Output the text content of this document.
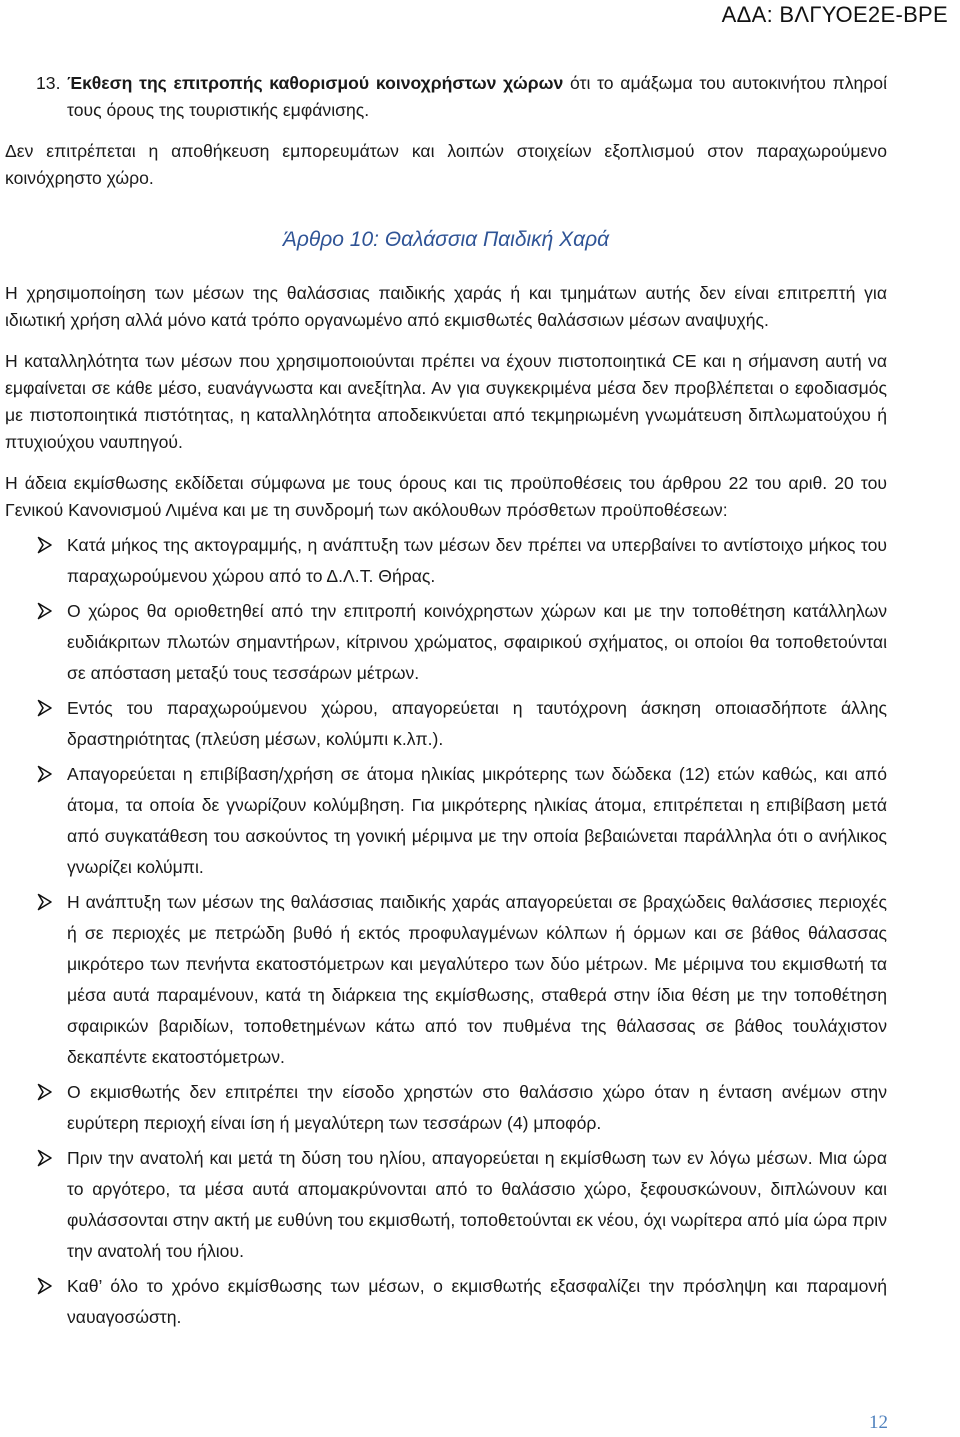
ΑΔΑ: ΒΛΓΥΟΕ2Ε-ΒΡΕ

13. Έκθεση της επιτροπής καθορισμού κοινοχρήστων χώρων ότι το αμάξωμα του αυτοκινήτου πληροί τους όρους της τουριστικής εμφάνισης.

Δεν επιτρέπεται η αποθήκευση εμπορευμάτων και λοιπών στοιχείων εξοπλισμού στον παραχωρούμενο κοινόχρηστο χώρο.

Άρθρο 10: Θαλάσσια Παιδική Χαρά

Η χρησιμοποίηση των μέσων της θαλάσσιας παιδικής χαράς ή και τμημάτων αυτής δεν είναι επιτρεπτή για ιδιωτική χρήση αλλά μόνο κατά τρόπο οργανωμένο από εκμισθωτές θαλάσσιων μέσων αναψυχής.

Η καταλληλότητα των μέσων που χρησιμοποιούνται πρέπει να έχουν πιστοποιητικά CE και η σήμανση αυτή να εμφαίνεται σε κάθε μέσο, ευανάγνωστα και ανεξίτηλα. Αν για συγκεκριμένα μέσα δεν προβλέπεται ο εφοδιασμός με πιστοποιητικά πιστότητας, η καταλληλότητα αποδεικνύεται από τεκμηριωμένη γνωμάτευση διπλωματούχου ή πτυχιούχου ναυπηγού.

Η άδεια εκμίσθωσης εκδίδεται σύμφωνα με τους όρους και τις προϋποθέσεις του άρθρου 22 του αριθ. 20 του Γενικού Κανονισμού Λιμένα και με τη συνδρομή των ακόλουθων πρόσθετων προϋποθέσεων:

Κατά μήκος της ακτογραμμής, η ανάπτυξη των μέσων δεν πρέπει να υπερβαίνει το αντίστοιχο μήκος του παραχωρούμενου χώρου από το Δ.Λ.Τ. Θήρας.
Ο χώρος θα οριοθετηθεί από την επιτροπή κοινόχρηστων χώρων και με την τοποθέτηση κατάλληλων ευδιάκριτων πλωτών σημαντήρων, κίτρινου χρώματος, σφαιρικού σχήματος, οι οποίοι θα τοποθετούνται σε απόσταση μεταξύ τους τεσσάρων μέτρων.
Εντός του παραχωρούμενου χώρου, απαγορεύεται η ταυτόχρονη άσκηση οποιασδήποτε άλλης δραστηριότητας (πλεύση μέσων, κολύμπι κ.λπ.).
Απαγορεύεται η επιβίβαση/χρήση σε άτομα ηλικίας μικρότερης των δώδεκα (12) ετών καθώς, και από άτομα, τα οποία δε γνωρίζουν κολύμβηση. Για μικρότερης ηλικίας άτομα, επιτρέπεται η επιβίβαση μετά από συγκατάθεση του ασκούντος τη γονική μέριμνα με την οποία βεβαιώνεται παράλληλα ότι ο ανήλικος γνωρίζει κολύμπι.
Η ανάπτυξη των μέσων της θαλάσσιας παιδικής χαράς απαγορεύεται σε βραχώδεις θαλάσσιες περιοχές ή σε περιοχές με πετρώδη βυθό ή εκτός προφυλαγμένων κόλπων ή όρμων και σε βάθος θάλασσας μικρότερο των πενήντα εκατοστόμετρων και μεγαλύτερο των δύο μέτρων. Με μέριμνα του εκμισθωτή τα μέσα αυτά παραμένουν, κατά τη διάρκεια της εκμίσθωσης, σταθερά στην ίδια θέση με την τοποθέτηση σφαιρικών βαριδίων, τοποθετημένων κάτω από τον πυθμένα της θάλασσας σε βάθος τουλάχιστον δεκαπέντε εκατοστόμετρων.
Ο εκμισθωτής δεν επιτρέπει την είσοδο χρηστών στο θαλάσσιο χώρο όταν η ένταση ανέμων στην ευρύτερη περιοχή είναι ίση ή μεγαλύτερη των τεσσάρων (4) μποφόρ.
Πριν την ανατολή και μετά τη δύση του ηλίου, απαγορεύεται η εκμίσθωση των εν λόγω μέσων. Μια ώρα το αργότερο, τα μέσα αυτά απομακρύνονται από το θαλάσσιο χώρο, ξεφουσκώνουν, διπλώνουν και φυλάσσονται στην ακτή με ευθύνη του εκμισθωτή, τοποθετούνται εκ νέου, όχι νωρίτερα από μία ώρα πριν την ανατολή του ήλιου.
Καθ’ όλο το χρόνο εκμίσθωσης των μέσων, ο εκμισθωτής εξασφαλίζει την πρόσληψη και παραμονή ναυαγοσώστη.
12
